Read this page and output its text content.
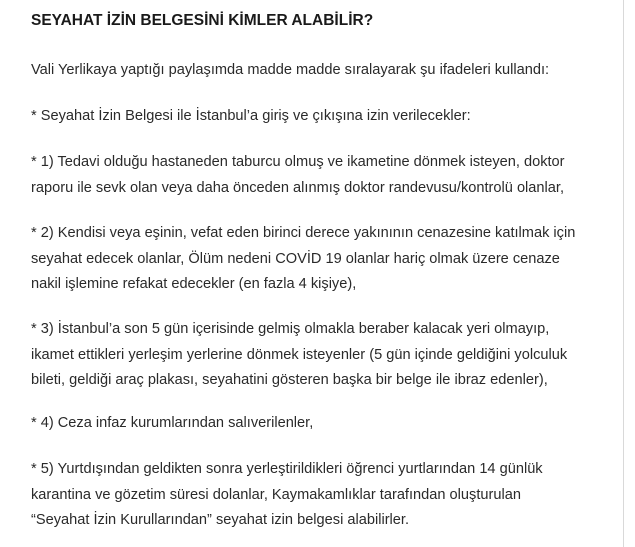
SEYAHAT İZİN BELGESİNİ KİMLER ALABİLİR?

Vali Yerlikaya yaptığı paylaşımda madde madde sıralayarak şu ifadeleri kullandı:

* Seyahat İzin Belgesi ile İstanbul’a giriş ve çıkışına izin verilecekler:

* 1) Tedavi olduğu hastaneden taburcu olmuş ve ikametine dönmek isteyen, doktor
raporu ile sevk olan veya daha önceden alınmış doktor randevusu/kontrolü olanlar,

* 2) Kendisi veya eşinin, vefat eden birinci derece yakınının cenazesine katılmak için
seyahat edecek olanlar, Ölüm nedeni COVİD 19 olanlar hariç olmak üzere cenaze
nakil işlemine refakat edecekler (en fazla 4 kişiye),

* 3) İstanbul’a son 5 gün içerisinde gelmiş olmakla beraber kalacak yeri olmayıp,
ikamet ettikleri yerleşim yerlerine dönmek isteyenler (5 gün içinde geldiğini yolculuk
bileti, geldiği araç plakası, seyahatini gösteren başka bir belge ile ibraz edenler),

* 4) Ceza infaz kurumlarından salıverilenler,

* 5) Yurtdışından geldikten sonra yerleştirildikleri öğrenci yurtlarından 14 günlük
karantina ve gözetim süresi dolanlar, Kaymakamlıklar tarafından oluşturulan
“Seyahat İzin Kurullarından” seyahat izin belgesi alabilirler.
